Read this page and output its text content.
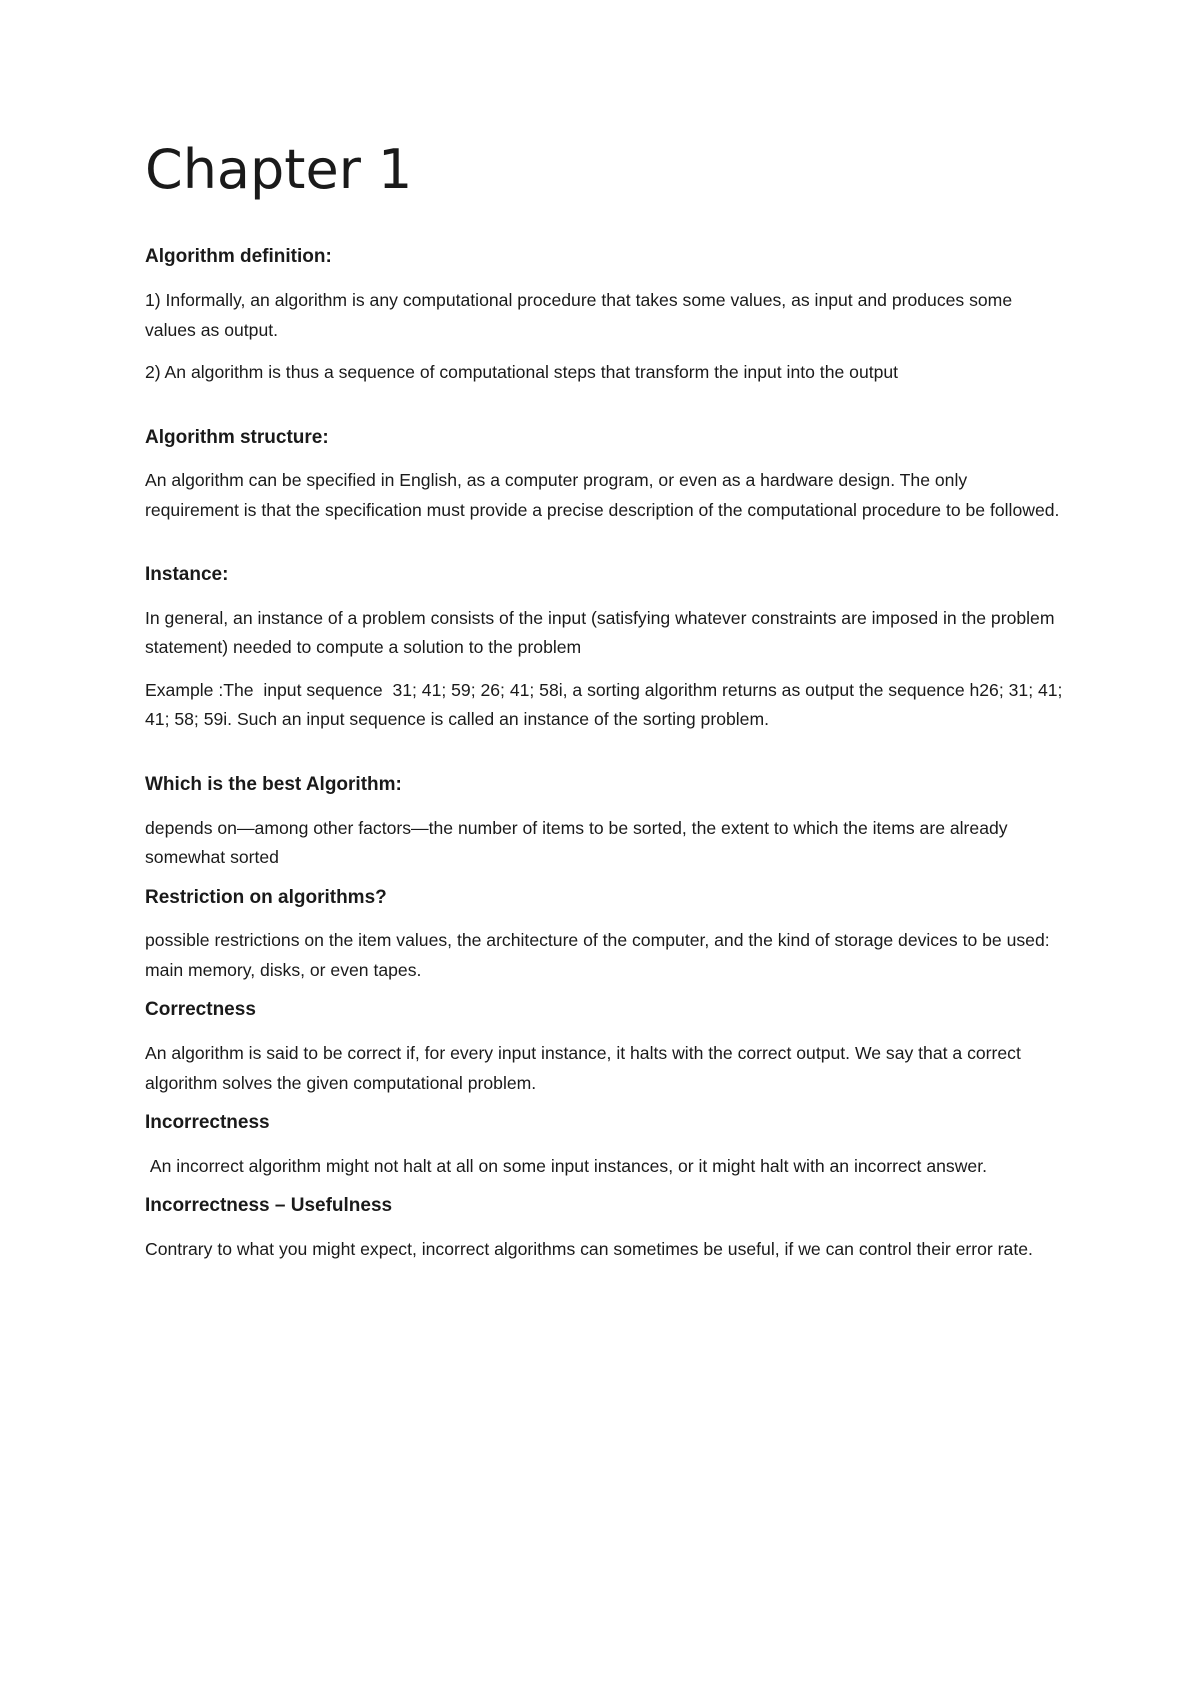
Chapter 1
Algorithm definition:

1) Informally, an algorithm is any computational procedure that takes some values, as input and produces some values as output.

2) An algorithm is thus a sequence of computational steps that transform the input into the output

Algorithm structure:

An algorithm can be specified in English, as a computer program, or even as a hardware design. The only requirement is that the specification must provide a precise description of the computational procedure to be followed.

Instance:

In general, an instance of a problem consists of the input (satisfying whatever constraints are imposed in the problem statement) needed to compute a solution to the problem

Example :The  input sequence  31; 41; 59; 26; 41; 58i, a sorting algorithm returns as output the sequence h26; 31; 41; 41; 58; 59i. Such an input sequence is called an instance of the sorting problem.

Which is the best Algorithm:

depends on—among other factors—the number of items to be sorted, the extent to which the items are already somewhat sorted

Restriction on algorithms?

possible restrictions on the item values, the architecture of the computer, and the kind of storage devices to be used: main memory, disks, or even tapes.

Correctness

An algorithm is said to be correct if, for every input instance, it halts with the correct output. We say that a correct algorithm solves the given computational problem.

Incorrectness

An incorrect algorithm might not halt at all on some input instances, or it might halt with an incorrect answer.

Incorrectness – Usefulness

Contrary to what you might expect, incorrect algorithms can sometimes be useful, if we can control their error rate.
